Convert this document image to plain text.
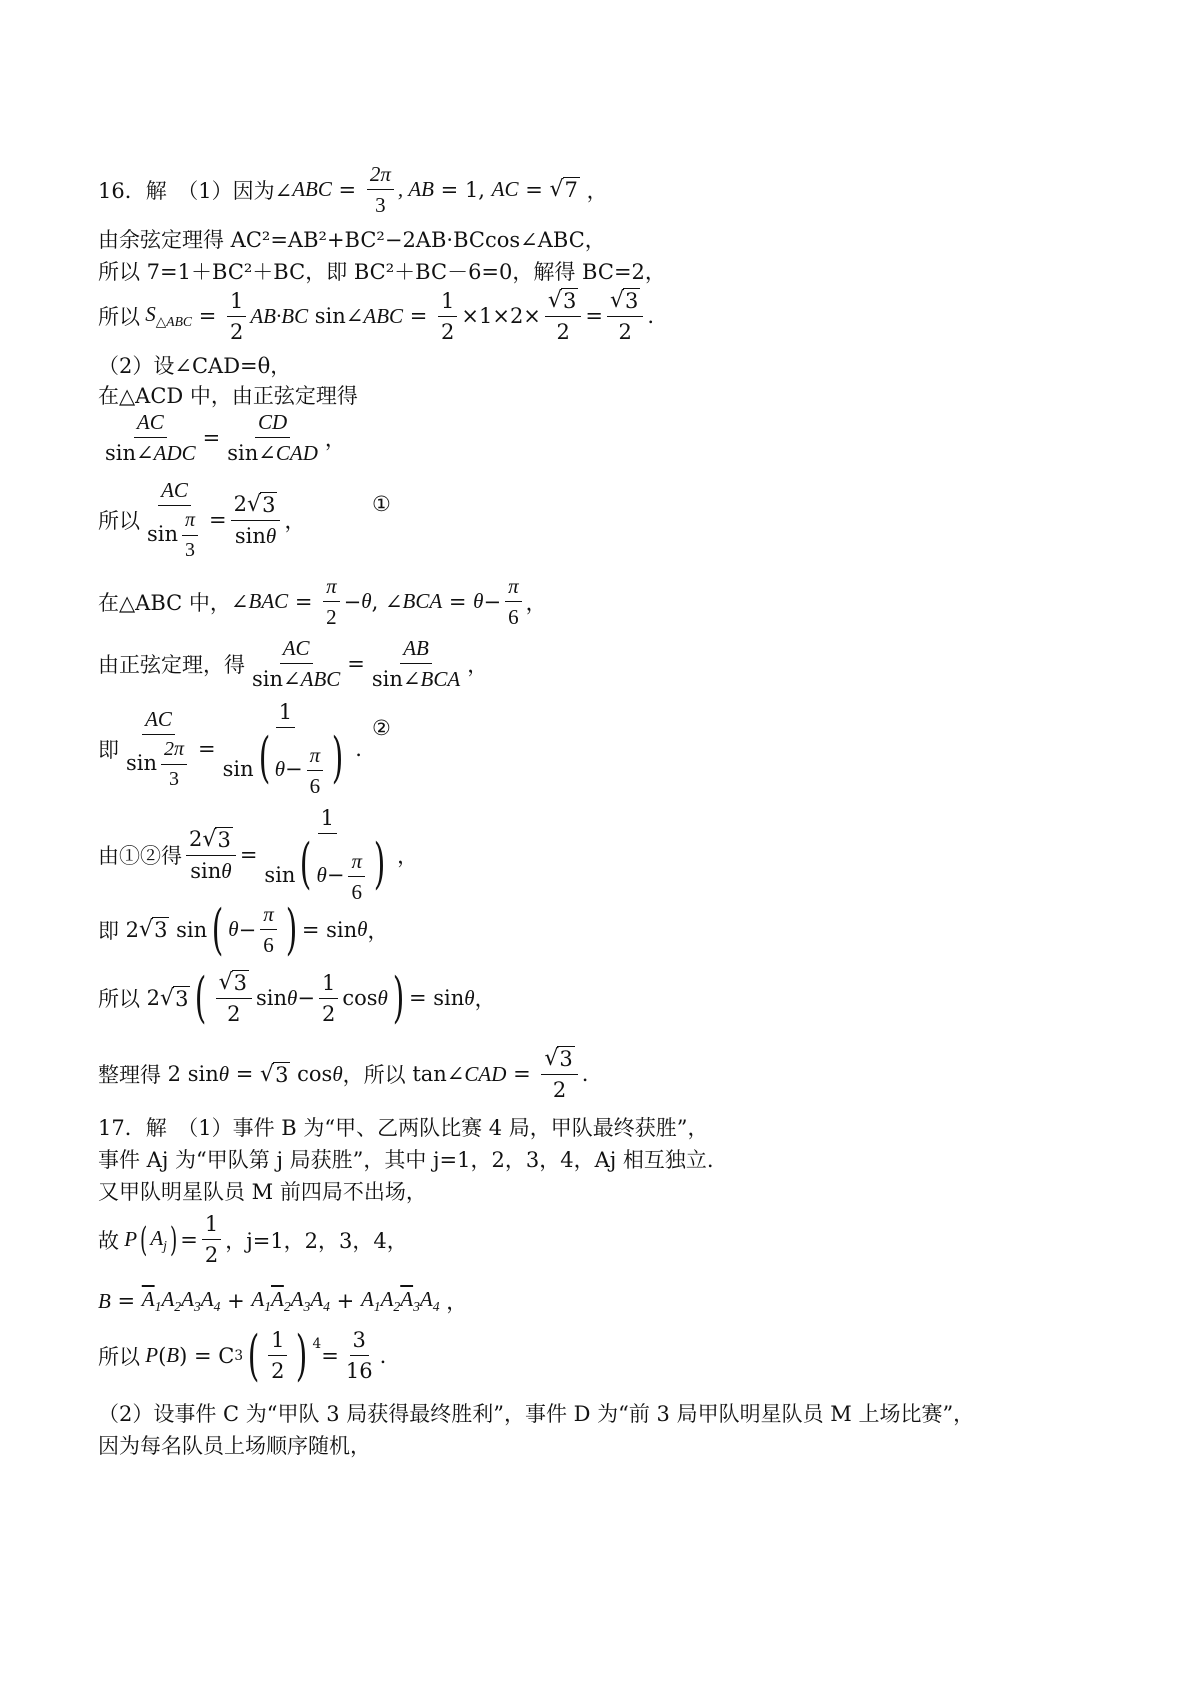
16．解　（1）因为∠ ABC = $\frac{2\pi}{3}$ , AB = 1, AC = √ 7 ，
由余弦定理得 AC²=AB²+BC²−2AB·BCcos∠ABC，
所以 7=1＋BC²＋BC，即 BC²＋BC－6=0，解得 BC=2，
所以 $S_{\triangle ABC} = \frac{1}{2} AB\cdot BC$ sin∠ ABC = $\frac{1}{2} \times 1\times 2\times \frac{√ 3}{2} = \frac{√ 3}{2}$ .
（2）设∠CAD=θ，
在△ACD 中，由正弦定理得
$\frac{AC}{\text{sin∠ADC}} = \frac{CD}{\text{sin∠CAD}}$ ，
所以 $\frac{AC}{\sin \frac{\pi}{3}} = \frac{2 √ 3}{\sin\theta}$ ，
①
在△ABC 中， ∠ BAC = $\frac{\pi}{2} - \theta$ , ∠ BCA = $\theta - \frac{\pi}{6}$ ，
由正弦定理，得 $\frac{AC}{\text{sin∠ABC}} = \frac{AB}{\text{sin∠BCA}}$ ，
即 $\frac{AC}{\sin \frac{2\pi}{3}} = \frac{1}{\sin( \theta- \frac{\pi}{6} )}$ .
②
由①②得 $\frac{2 √ 3}{\sin\theta} = \frac{1}{\sin( \theta- \frac{\pi}{6} )}$ ，
即 2 √ 3 sin ( $\theta - \frac{\pi}{6}$ ) = sin θ ，
所以 2 √ 3 ( $\frac{√ 3}{2}$ $\sin \theta - \frac{1}{2}$ cos θ ) = sin θ ，
整理得 2 sin θ = √ 3 cos θ ，所以 tan∠ CAD = $\frac{√ 3}{2}$ .
17．解　（1）事件 B 为“甲、乙两队比赛 4 局，甲队最终获胜”，
事件 Aj 为“甲队第 j 局获胜”，其中 j=1，2，3，4，Aj 相互独立.
又甲队明星队员 M 前四局不出场，
故 P ( $A_j$ ) = $\frac{1}{2}$ ，j=1，2，3，4，
$B = \overline{A}_1A_2A_3A_4 + A_1\overline{A}_2A_3A_4 + A_1A_2\overline{A}_3A_4$ ，
所以 P ( B ) = C 3 ( $\frac{1}{2}$ ) $^4 = \frac{3}{16}$ .
（2）设事件 C 为“甲队 3 局获得最终胜利”，事件 D 为“前 3 局甲队明星队员 M 上场比赛”，
因为每名队员上场顺序随机，
